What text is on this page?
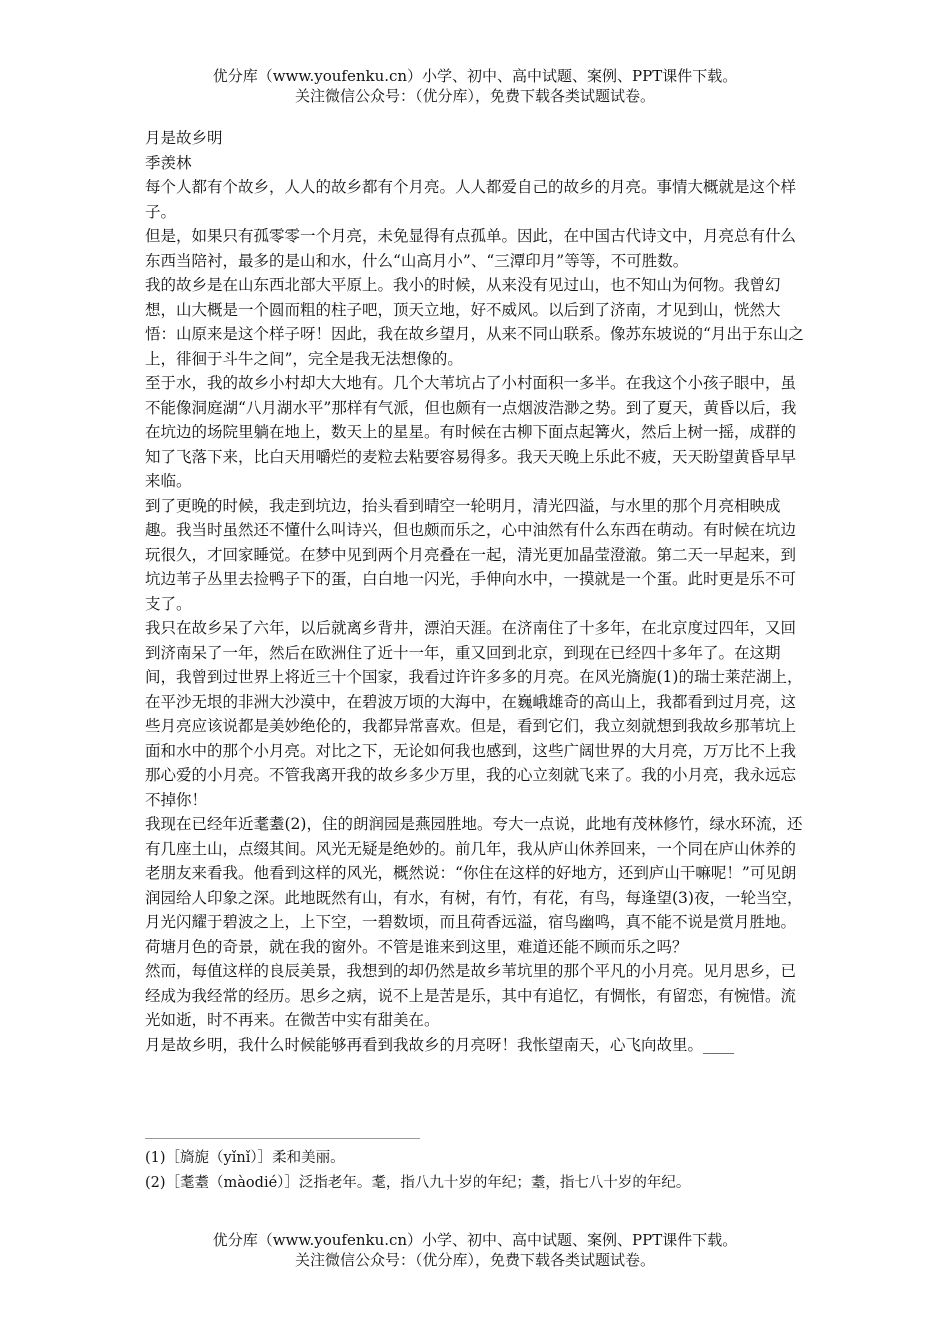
优分库（www.youfenku.cn）小学、初中、高中试题、案例、PPT课件下载。
关注微信公众号：（优分库），免费下载各类试题试卷。

月是故乡明

季羡林

每个人都有个故乡，人人的故乡都有个月亮。人人都爱自己的故乡的月亮。事情大概就是这个样子。

但是，如果只有孤零零一个月亮，未免显得有点孤单。因此，在中国古代诗文中，月亮总有什么东西当陪衬，最多的是山和水，什么“山高月小”、“三潭印月”等等，不可胜数。

我的故乡是在山东西北部大平原上。我小的时候，从来没有见过山，也不知山为何物。我曾幻想，山大概是一个圆而粗的柱子吧，顶天立地，好不威风。以后到了济南，才见到山，恍然大悟：山原来是这个样子呀！因此，我在故乡望月，从来不同山联系。像苏东坡说的“月出于东山之上，徘徊于斗牛之间”，完全是我无法想像的。

至于水，我的故乡小村却大大地有。几个大苇坑占了小村面积一多半。在我这个小孩子眼中，虽不能像洞庭湖“八月湖水平”那样有气派，但也颇有一点烟波浩渺之势。到了夏天，黄昏以后，我在坑边的场院里躺在地上，数天上的星星。有时候在古柳下面点起篝火，然后上树一摇，成群的知了飞落下来，比白天用嚼烂的麦粒去粘要容易得多。我天天晚上乐此不疲，天天盼望黄昏早早来临。

到了更晚的时候，我走到坑边，抬头看到晴空一轮明月，清光四溢，与水里的那个月亮相映成趣。我当时虽然还不懂什么叫诗兴，但也颇而乐之，心中油然有什么东西在萌动。有时候在坑边玩很久，才回家睡觉。在梦中见到两个月亮叠在一起，清光更加晶莹澄澈。第二天一早起来，到坑边苇子丛里去捡鸭子下的蛋，白白地一闪光，手伸向水中，一摸就是一个蛋。此时更是乐不可支了。

我只在故乡呆了六年，以后就离乡背井，漂泊天涯。在济南住了十多年，在北京度过四年，又回到济南呆了一年，然后在欧洲住了近十一年，重又回到北京，到现在已经四十多年了。在这期间，我曾到过世界上将近三十个国家，我看过许许多多的月亮。在风光旖旎(1)的瑞士莱茫湖上，在平沙无垠的非洲大沙漠中，在碧波万顷的大海中，在巍峨雄奇的高山上，我都看到过月亮，这些月亮应该说都是美妙绝伦的，我都异常喜欢。但是，看到它们，我立刻就想到我故乡那苇坑上面和水中的那个小月亮。对比之下，无论如何我也感到，这些广阔世界的大月亮，万万比不上我那心爱的小月亮。不管我离开我的故乡多少万里，我的心立刻就飞来了。我的小月亮，我永远忘不掉你！

我现在已经年近耄耋(2)，住的朗润园是燕园胜地。夸大一点说，此地有茂林修竹，绿水环流，还有几座土山，点缀其间。风光无疑是绝妙的。前几年，我从庐山休养回来，一个同在庐山休养的老朋友来看我。他看到这样的风光，概然说：“你住在这样的好地方，还到庐山干嘛呢！”可见朗润园给人印象之深。此地既然有山，有水，有树，有竹，有花，有鸟，每逢望(3)夜，一轮当空，月光闪耀于碧波之上，上下空，一碧数顷，而且荷香远溢，宿鸟幽鸣，真不能不说是赏月胜地。荷塘月色的奇景，就在我的窗外。不管是谁来到这里，难道还能不顾而乐之吗？

然而，每值这样的良辰美景，我想到的却仍然是故乡苇坑里的那个平凡的小月亮。见月思乡，已经成为我经常的经历。思乡之病，说不上是苦是乐，其中有追忆，有惆怅，有留恋，有惋惜。流光如逝，时不再来。在微苦中实有甜美在。

月是故乡明，我什么时候能够再看到我故乡的月亮呀！我怅望南天，心飞向故里。____

(1)［旖旎（yǐnǐ）］柔和美丽。
(2)［耄耋（màodié）］泛指老年。耄，指八九十岁的年纪；耋，指七八十岁的年纪。
优分库（www.youfenku.cn）小学、初中、高中试题、案例、PPT课件下载。
关注微信公众号：（优分库），免费下载各类试题试卷。
